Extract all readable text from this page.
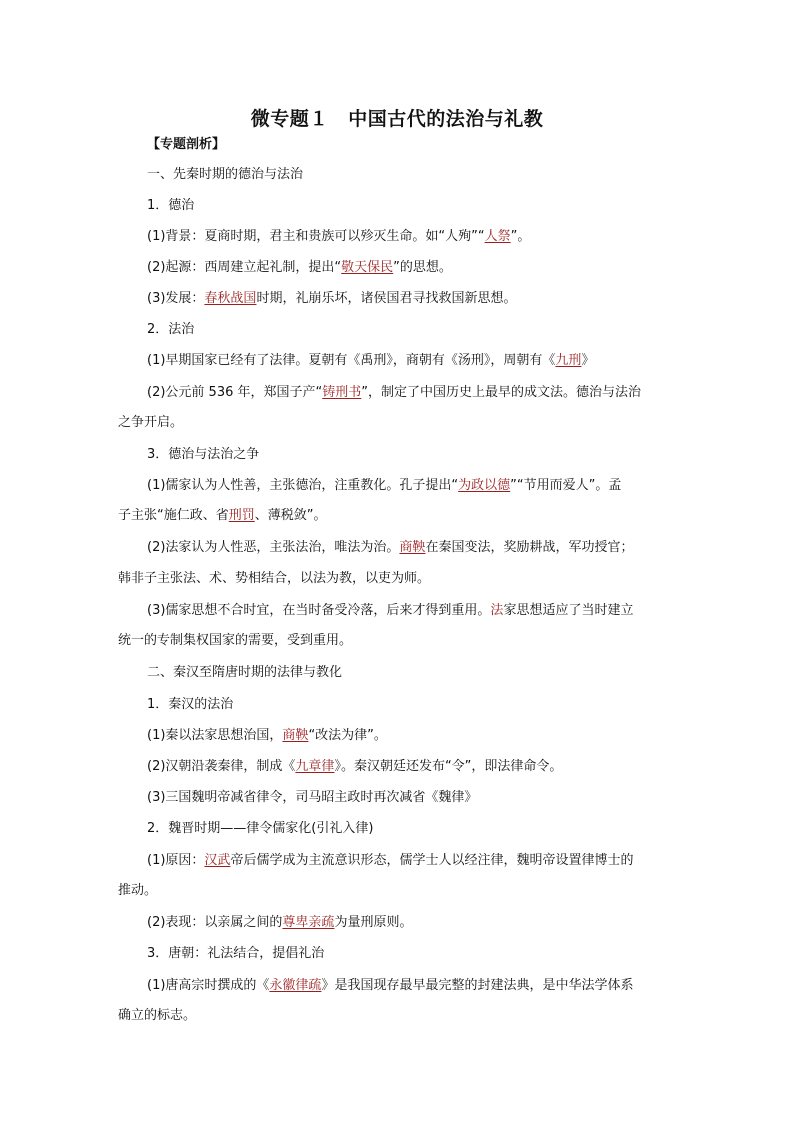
微专题１　中国古代的法治与礼教
【专题剖析】
一、先秦时期的德治与法治
1．德治
(1)背景：夏商时期，君主和贵族可以殄灭生命。如“人殉”“人祭”。
(2)起源：西周建立起礼制，提出“敬天保民”的思想。
(3)发展：春秋战国时期，礼崩乐坏，诸侯国君寻找救国新思想。
2．法治
(1)早期国家已经有了法律。夏朝有《禹刑》，商朝有《汤刑》，周朝有《九刑》
(2)公元前 536 年，郑国子产“铸刑书”，制定了中国历史上最早的成文法。德治与法治
之争开启。
3．德治与法治之争
(1)儒家认为人性善，主张德治，注重教化。孔子提出“为政以德”“节用而爱人”。孟
子主张“施仁政、省刑罚、薄税敛”。
(2)法家认为人性恶，主张法治，唯法为治。商鞅在秦国变法，奖励耕战，军功授官；
韩非子主张法、术、势相结合，以法为教，以吏为师。
(3)儒家思想不合时宜，在当时备受冷落，后来才得到重用。法家思想适应了当时建立
统一的专制集权国家的需要，受到重用。
二、秦汉至隋唐时期的法律与教化
1．秦汉的法治
(1)秦以法家思想治国，商鞅“改法为律”。
(2)汉朝沿袭秦律，制成《九章律》。秦汉朝廷还发布“令”，即法律命令。
(3)三国魏明帝减省律令，司马昭主政时再次减省《魏律》
2．魏晋时期——律令儒家化(引礼入律)
(1)原因：汉武帝后儒学成为主流意识形态，儒学士人以经注律，魏明帝设置律博士的
推动。
(2)表现：以亲属之间的尊卑亲疏为量刑原则。
3．唐朝：礼法结合，提倡礼治
(1)唐高宗时撰成的《永徽律疏》是我国现存最早最完整的封建法典，是中华法学体系
确立的标志。
